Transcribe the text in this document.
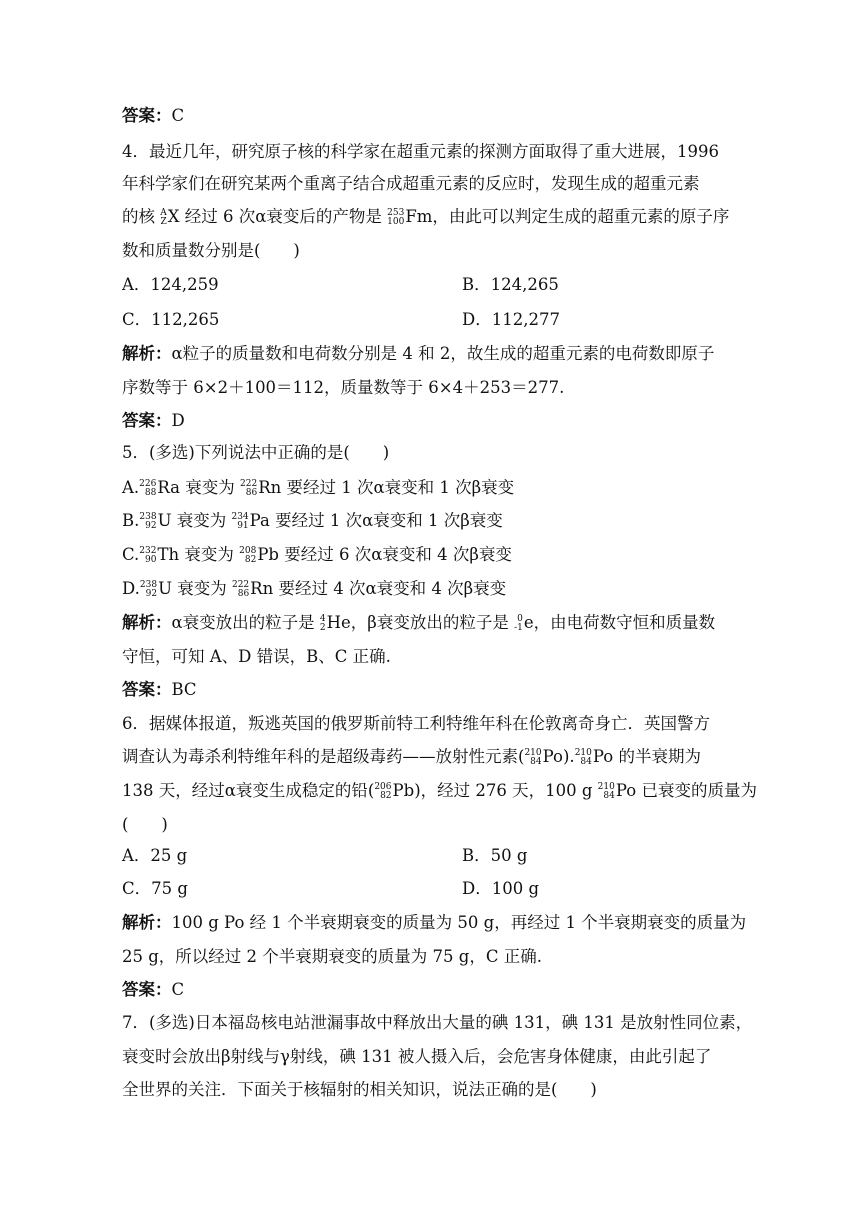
答案：C
4．最近几年，研究原子核的科学家在超重元素的探测方面取得了重大进展，1996
年科学家们在研究某两个重离子结合成超重元素的反应时，发现生成的超重元素
的核 A
Z X 经过 6 次α衰变后的产物是 253
100 Fm，由此可以判定生成的超重元素的原子序
数和质量数分别是(　　)
A．124,259	B．124,265
C．112,265	D．112,277
解析：α粒子的质量数和电荷数分别是 4 和 2，故生成的超重元素的电荷数即原子
序数等于 6×2＋100＝112，质量数等于 6×4＋253＝277.
答案：D
5．(多选)下列说法中正确的是(　　)
A. 226
88 Ra 衰变为 222
86 Rn 要经过 1 次α衰变和 1 次β衰变
B. 238
92 U 衰变为 234
91 Pa 要经过 1 次α衰变和 1 次β衰变
C. 232
90 Th 衰变为 208
82 Pb 要经过 6 次α衰变和 4 次β衰变
D. 238
92 U 衰变为 222
86 Rn 要经过 4 次α衰变和 4 次β衰变
解析：α衰变放出的粒子是 4
2 He，β衰变放出的粒子是 0
-1 e，由电荷数守恒和质量数
守恒，可知 A、D 错误，B、C 正确.
答案：BC
6．据媒体报道，叛逃英国的俄罗斯前特工利特维年科在伦敦离奇身亡．英国警方
调查认为毒杀利特维年科的是超级毒药——放射性元素( 210
84 Po). 210
84 Po 的半衰期为
138 天，经过α衰变生成稳定的铅( 206
82 Pb)，经过 276 天，100 g 210
84 Po 已衰变的质量为
(　　)
A．25 g	B．50 g
C．75 g	D．100 g
解析：100 g Po 经 1 个半衰期衰变的质量为 50 g，再经过 1 个半衰期衰变的质量为
25 g，所以经过 2 个半衰期衰变的质量为 75 g，C 正确.
答案：C
7．(多选)日本福岛核电站泄漏事故中释放出大量的碘 131，碘 131 是放射性同位素，
衰变时会放出β射线与γ射线，碘 131 被人摄入后，会危害身体健康，由此引起了
全世界的关注．下面关于核辐射的相关知识，说法正确的是(　　)
